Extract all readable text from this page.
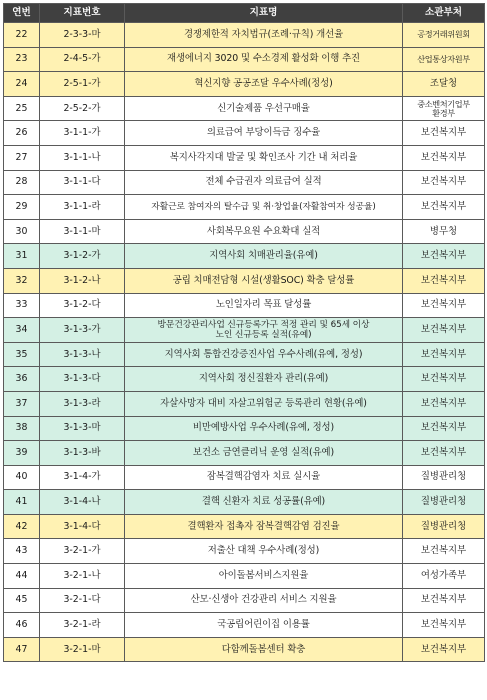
연번	지표번호	지표명	소관부처
22	2-3-3-마	경쟁제한적 자치법규(조례·규칙) 개선율	공정거래위원회
23	2-4-5-가	재생에너지 3020 및 수소경제 활성화 이행 추진	산업통상자원부
24	2-5-1-가	혁신지향 공공조달 우수사례(정성)	조달청
25	2-5-2-가	신기술제품 우선구매율	중소벤처기업부
환경부
26	3-1-1-가	의료급여 부당이득금 징수율	보건복지부
27	3-1-1-나	복지사각지대 발굴 및 확인조사 기간 내 처리율	보건복지부
28	3-1-1-다	전체 수급권자 의료급여 실적	보건복지부
29	3-1-1-라	자활근로 참여자의 탈수급 및 취·창업율(자활참여자 성공율)	보건복지부
30	3-1-1-마	사회복무요원 수요확대 실적	병무청
31	3-1-2-가	지역사회 치매관리율(유예)	보건복지부
32	3-1-2-나	공립 치매전담형 시설(생활SOC) 확충 달성률	보건복지부
33	3-1-2-다	노인일자리 목표 달성률	보건복지부
34	3-1-3-가	방문건강관리사업 신규등록가구 적정 관리 및 65세 이상
노인 신규등록 실적(유예)	보건복지부
35	3-1-3-나	지역사회 통합건강증진사업 우수사례(유예, 정성)	보건복지부
36	3-1-3-다	지역사회 정신질환자 관리(유예)	보건복지부
37	3-1-3-라	자살사망자 대비 자살고위험군 등록관리 현황(유예)	보건복지부
38	3-1-3-마	비만예방사업 우수사례(유예, 정성)	보건복지부
39	3-1-3-바	보건소 금연클리닉 운영 실적(유예)	보건복지부
40	3-1-4-가	잠복결핵감염자 치료 실시율	질병관리청
41	3-1-4-나	결핵 신환자 치료 성공률(유예)	질병관리청
42	3-1-4-다	결핵환자 접촉자 잠복결핵감염 검진율	질병관리청
43	3-2-1-가	저출산 대책 우수사례(정성)	보건복지부
44	3-2-1-나	아이돌봄서비스지원율	여성가족부
45	3-2-1-다	산모·신생아 건강관리 서비스 지원율	보건복지부
46	3-2-1-라	국공립어린이집 이용률	보건복지부
47	3-2-1-마	다함께돌봄센터 확충	보건복지부
